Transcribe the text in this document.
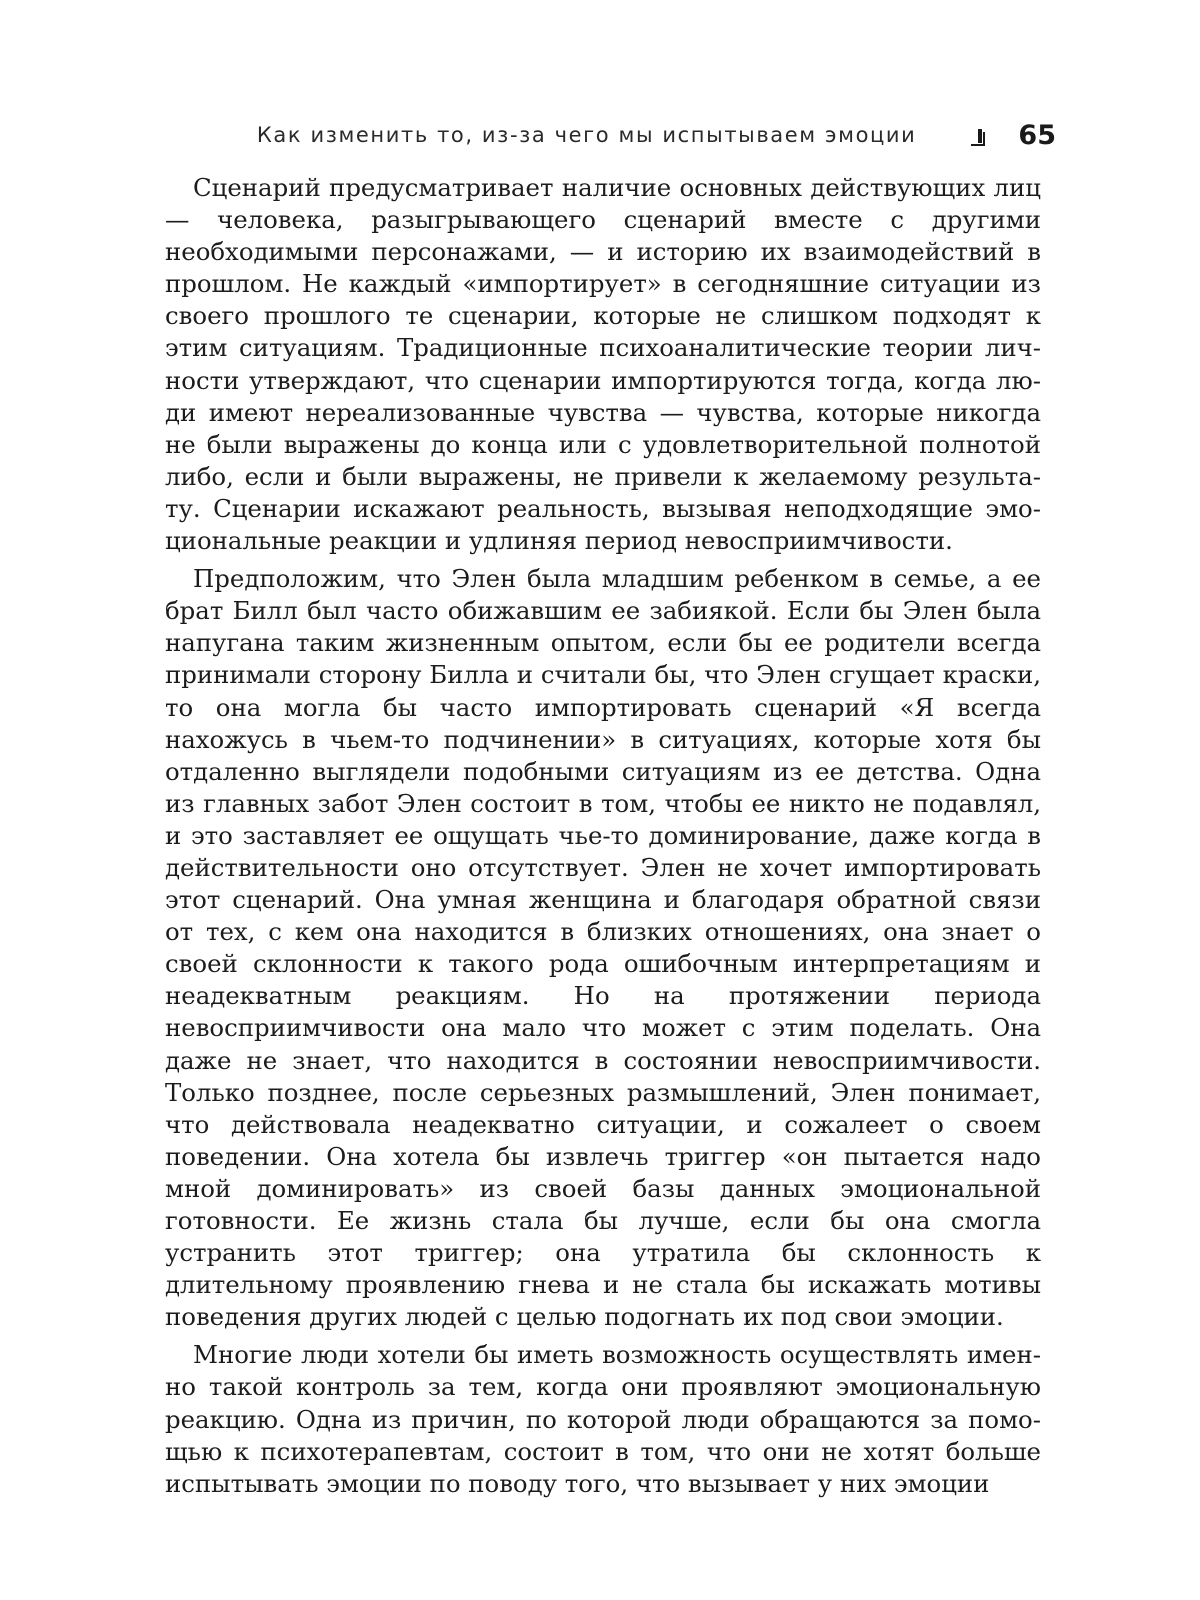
Как изменить то, из-за чего мы испытываем эмоции	65

Сценарий предусматривает наличие основных действующих лиц — человека, разыгрывающего сценарий вместе с другими необходимыми персонажами, — и историю их взаимодействий в прошлом. Не каждый «импортирует» в сегодняшние ситуации из своего прошлого те сценарии, которые не слишком подходят к этим ситуациям. Традиционные психоаналитические теории личности утверждают, что сценарии импортируются тогда, когда люди имеют нереализованные чувства — чувства, которые никогда не были выражены до конца или с удовлетворительной полнотой либо, если и были выражены, не привели к желаемому результату. Сценарии искажают реальность, вызывая неподходящие эмоциональные реакции и удлиняя период невосприимчивости.

Предположим, что Элен была младшим ребенком в семье, а ее брат Билл был часто обижавшим ее забиякой. Если бы Элен была напугана таким жизненным опытом, если бы ее родители всегда принимали сторону Билла и считали бы, что Элен сгущает краски, то она могла бы часто импортировать сценарий «Я всегда нахожусь в чьем-то подчинении» в ситуациях, которые хотя бы отдаленно выглядели подобными ситуациям из ее детства. Одна из главных забот Элен состоит в том, чтобы ее никто не подавлял, и это заставляет ее ощущать чье-то доминирование, даже когда в действительности оно отсутствует. Элен не хочет импортировать этот сценарий. Она умная женщина и благодаря обратной связи от тех, с кем она находится в близких отношениях, она знает о своей склонности к такого рода ошибочным интерпретациям и неадекватным реакциям. Но на протяжении периода невосприимчивости она мало что может с этим поделать. Она даже не знает, что находится в состоянии невосприимчивости. Только позднее, после серьезных размышлений, Элен понимает, что действовала неадекватно ситуации, и сожалеет о своем поведении. Она хотела бы извлечь триггер «он пытается надо мной доминировать» из своей базы данных эмоциональной готовности. Ее жизнь стала бы лучше, если бы она смогла устранить этот триггер; она утратила бы склонность к длительному проявлению гнева и не стала бы искажать мотивы поведения других людей с целью подогнать их под свои эмоции.

Многие люди хотели бы иметь возможность осуществлять именно такой контроль за тем, когда они проявляют эмоциональную реакцию. Одна из причин, по которой люди обращаются за помощью к психотерапевтам, состоит в том, что они не хотят больше испытывать эмоции по поводу того, что вызывает у них эмоции
